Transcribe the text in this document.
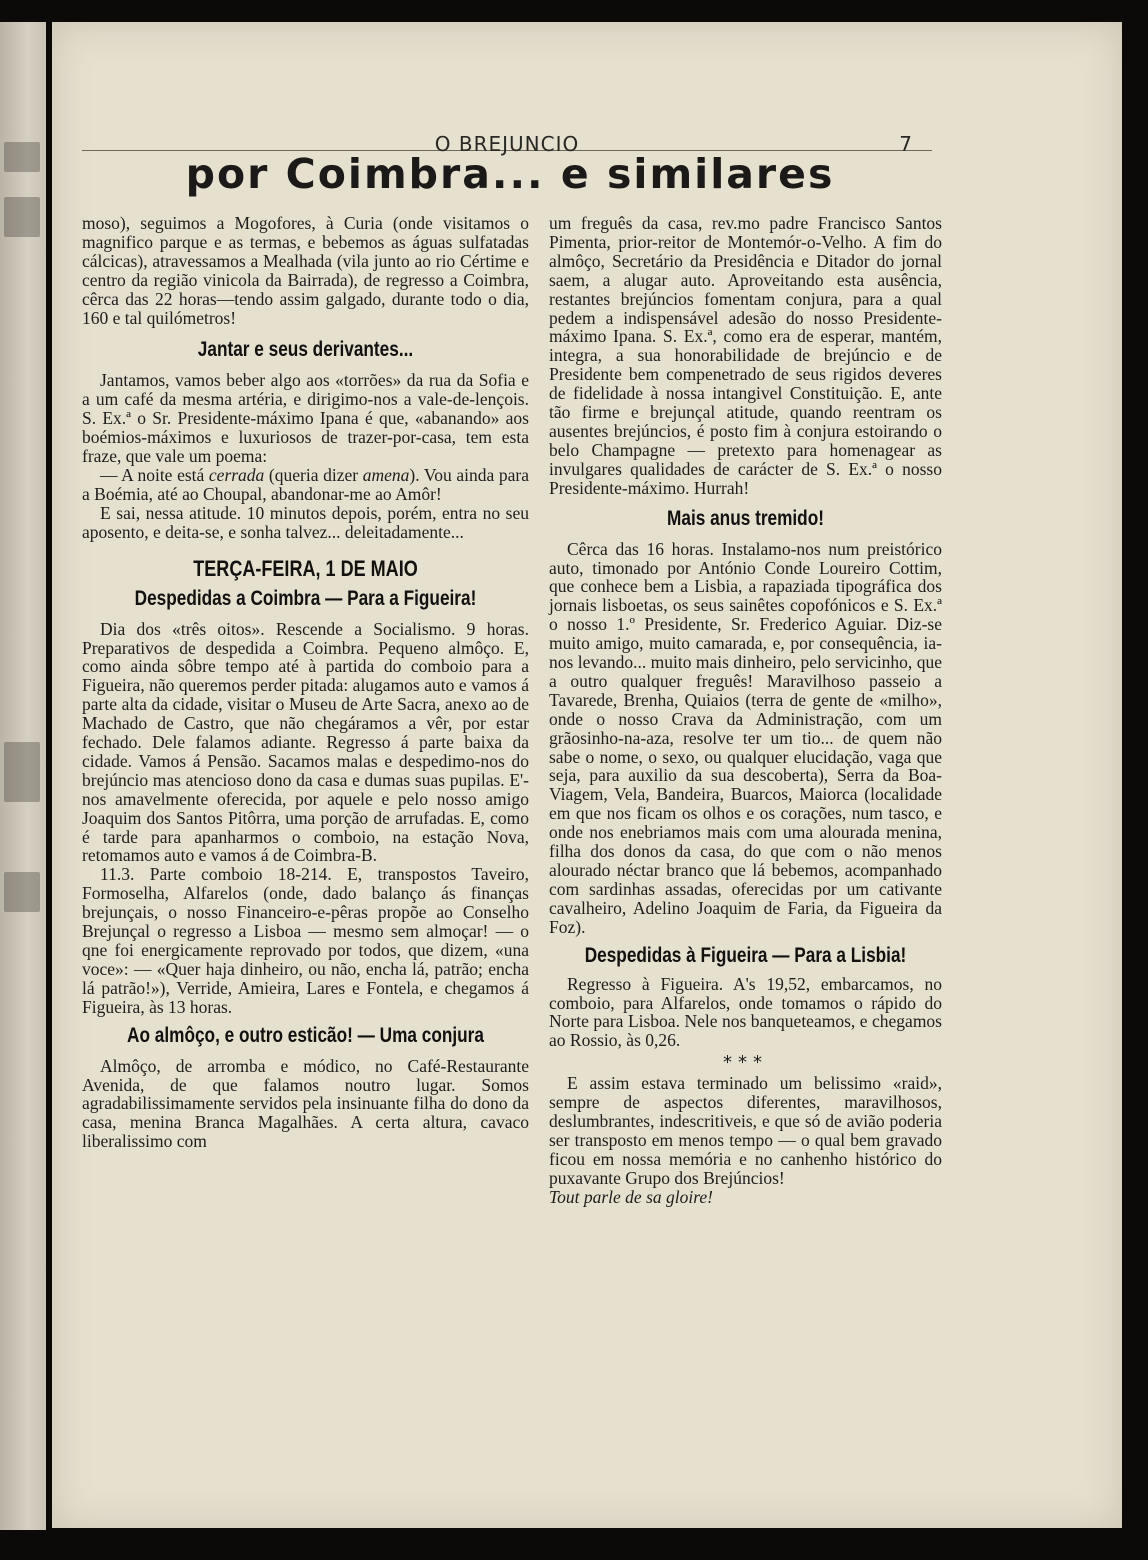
O BREJUNCIO	7
por Coimbra... e similares

moso), seguimos a Mogofores, à Curia (onde visitamos o magnifico parque e as termas, e bebemos as águas sulfatadas cálcicas), atravessamos a Mealhada (vila junto ao rio Cértime e centro da região vinicola da Bairrada), de regresso a Coimbra, cêrca das 22 horas—tendo assim galgado, durante todo o dia, 160 e tal quilómetros!

Jantar e seus derivantes...

Jantamos, vamos beber algo aos «torrões» da rua da Sofia e a um café da mesma artéria, e dirigimo-nos a vale-de-lençois. S. Ex.ª o Sr. Presidente-máximo Ipana é que, «abanando» aos boémios-máximos e luxuriosos de trazer-por-casa, tem esta fraze, que vale um poema:

— A noite está cerrada (queria dizer amena). Vou ainda para a Boémia, até ao Choupal, abandonar-me ao Amôr!

E sai, nessa atitude. 10 minutos depois, porém, entra no seu aposento, e deita-se, e sonha talvez... deleitadamente...

TERÇA-FEIRA, 1 DE MAIO
Despedidas a Coimbra — Para a Figueira!

Dia dos «três oitos». Rescende a Socialismo. 9 horas. Preparativos de despedida a Coimbra. Pequeno almôço. E, como ainda sôbre tempo até à partida do comboio para a Figueira, não queremos perder pitada: alugamos auto e vamos á parte alta da cidade, visitar o Museu de Arte Sacra, anexo ao de Machado de Castro, que não chegáramos a vêr, por estar fechado. Dele falamos adiante. Regresso á parte baixa da cidade. Vamos á Pensão. Sacamos malas e despedimo-nos do brejúncio mas atencioso dono da casa e dumas suas pupilas. E'-nos amavelmente oferecida, por aquele e pelo nosso amigo Joaquim dos Santos Pitôrra, uma porção de arrufadas. E, como é tarde para apanharmos o comboio, na estação Nova, retomamos auto e vamos á de Coimbra-B.

11.3. Parte comboio 18-214. E, transpostos Taveiro, Formoselha, Alfarelos (onde, dado balanço ás finanças brejunçais, o nosso Financeiro-e-pêras propõe ao Conselho Brejunçal o regresso a Lisboa — mesmo sem almoçar! — o qne foi energicamente reprovado por todos, que dizem, «una voce»: — «Quer haja dinheiro, ou não, encha lá, patrão; encha lá patrão!»), Verride, Amieira, Lares e Fontela, e chegamos á Figueira, às 13 horas.

Ao almôço, e outro esticão! — Uma conjura

Almôço, de arromba e módico, no Café-Restaurante Avenida, de que falamos noutro lugar. Somos agradabilissimamente servidos pela insinuante filha do dono da casa, menina Branca Magalhães. A certa altura, cavaco liberalissimo com

um freguês da casa, rev.mo padre Francisco Santos Pimenta, prior-reitor de Montemór-o-Velho. A fim do almôço, Secretário da Presidência e Ditador do jornal saem, a alugar auto. Aproveitando esta ausência, restantes brejúncios fomentam conjura, para a qual pedem a indispensável adesão do nosso Presidente-máximo Ipana. S. Ex.ª, como era de esperar, mantém, integra, a sua honorabilidade de brejúncio e de Presidente bem compenetrado de seus rigidos deveres de fidelidade à nossa intangivel Constituição. E, ante tão firme e brejunçal atitude, quando reentram os ausentes brejúncios, é posto fim à conjura estoirando o belo Champagne — pretexto para homenagear as invulgares qualidades de carácter de S. Ex.ª o nosso Presidente-máximo. Hurrah!

Mais anus tremido!

Cêrca das 16 horas. Instalamo-nos num preistórico auto, timonado por António Conde Loureiro Cottim, que conhece bem a Lisbia, a rapaziada tipográfica dos jornais lisboetas, os seus sainêtes copofónicos e S. Ex.ª o nosso 1.º Presidente, Sr. Frederico Aguiar. Diz-se muito amigo, muito camarada, e, por consequência, ia-nos levando... muito mais dinheiro, pelo servicinho, que a outro qualquer freguês! Maravilhoso passeio a Tavarede, Brenha, Quiaios (terra de gente de «milho», onde o nosso Crava da Administração, com um grãosinho-na-aza, resolve ter um tio... de quem não sabe o nome, o sexo, ou qualquer elucidação, vaga que seja, para auxilio da sua descoberta), Serra da Boa-Viagem, Vela, Bandeira, Buarcos, Maiorca (localidade em que nos ficam os olhos e os corações, num tasco, e onde nos enebriamos mais com uma alourada menina, filha dos donos da casa, do que com o não menos alourado néctar branco que lá bebemos, acompanhado com sardinhas assadas, oferecidas por um cativante cavalheiro, Adelino Joaquim de Faria, da Figueira da Foz).

Despedidas à Figueira — Para a Lisbia!

Regresso à Figueira. A's 19,52, embarcamos, no comboio, para Alfarelos, onde tomamos o rápido do Norte para Lisboa. Nele nos banqueteamos, e chegamos ao Rossio, às 0,26.

***

E assim estava terminado um belissimo «raid», sempre de aspectos diferentes, maravilhosos, deslumbrantes, indescritiveis, e que só de avião poderia ser transposto em menos tempo — o qual bem gravado ficou em nossa memória e no canhenho histórico do puxavante Grupo dos Brejúncios!

Tout parle de sa gloire!
